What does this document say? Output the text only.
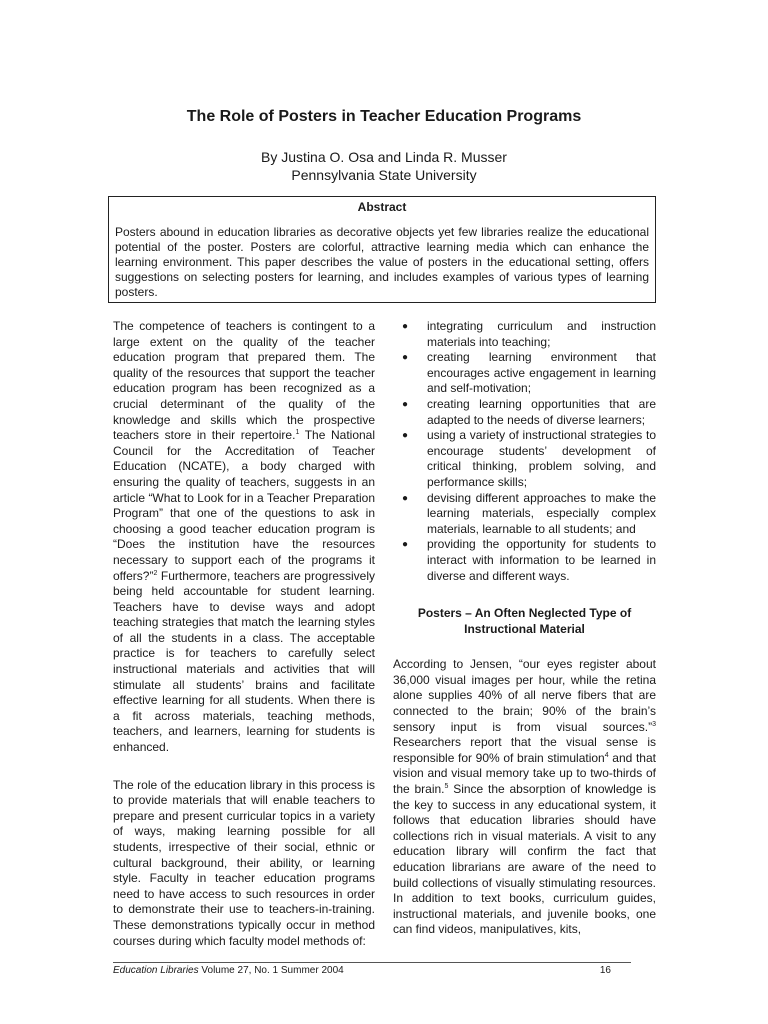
The Role of Posters in Teacher Education Programs
By Justina O. Osa and Linda R. Musser
Pennsylvania State University
Abstract

Posters abound in education libraries as decorative objects yet few libraries realize the educational potential of the poster. Posters are colorful, attractive learning media which can enhance the learning environment. This paper describes the value of posters in the educational setting, offers suggestions on selecting posters for learning, and includes examples of various types of learning posters.

The competence of teachers is contingent to a large extent on the quality of the teacher education program that prepared them. The quality of the resources that support the teacher education program has been recognized as a crucial determinant of the quality of the knowledge and skills which the prospective teachers store in their repertoire.$^1$ The National Council for the Accreditation of Teacher Education (NCATE), a body charged with ensuring the quality of teachers, suggests in an article “What to Look for in a Teacher Preparation Program” that one of the questions to ask in choosing a good teacher education program is “Does the institution have the resources necessary to support each of the programs it offers?”$^2$ Furthermore, teachers are progressively being held accountable for student learning. Teachers have to devise ways and adopt teaching strategies that match the learning styles of all the students in a class. The acceptable practice is for teachers to carefully select instructional materials and activities that will stimulate all students’ brains and facilitate effective learning for all students. When there is a fit across materials, teaching methods, teachers, and learners, learning for students is enhanced.

The role of the education library in this process is to provide materials that will enable teachers to prepare and present curricular topics in a variety of ways, making learning possible for all students, irrespective of their social, ethnic or cultural background, their ability, or learning style. Faculty in teacher education programs need to have access to such resources in order to demonstrate their use to teachers-in-training. These demonstrations typically occur in method courses during which faculty model methods of:

● integrating curriculum and instruction materials into teaching;
● creating learning environment that encourages active engagement in learning and self-motivation;
● creating learning opportunities that are adapted to the needs of diverse learners;
● using a variety of instructional strategies to encourage students’ development of critical thinking, problem solving, and performance skills;
● devising different approaches to make the learning materials, especially complex materials, learnable to all students; and
● providing the opportunity for students to interact with information to be learned in diverse and different ways.
Posters – An Often Neglected Type of Instructional Material

According to Jensen, “our eyes register about 36,000 visual images per hour, while the retina alone supplies 40% of all nerve fibers that are connected to the brain; 90% of the brain’s sensory input is from visual sources.”$^3$ Researchers report that the visual sense is responsible for 90% of brain stimulation$^4$ and that vision and visual memory take up to two-thirds of the brain.$^5$ Since the absorption of knowledge is the key to success in any educational system, it follows that education libraries should have collections rich in visual materials. A visit to any education library will confirm the fact that education librarians are aware of the need to build collections of visually stimulating resources. In addition to text books, curriculum guides, instructional materials, and juvenile books, one can find videos, manipulatives, kits,

Education Libraries Volume 27, No. 1 Summer 2004	16
